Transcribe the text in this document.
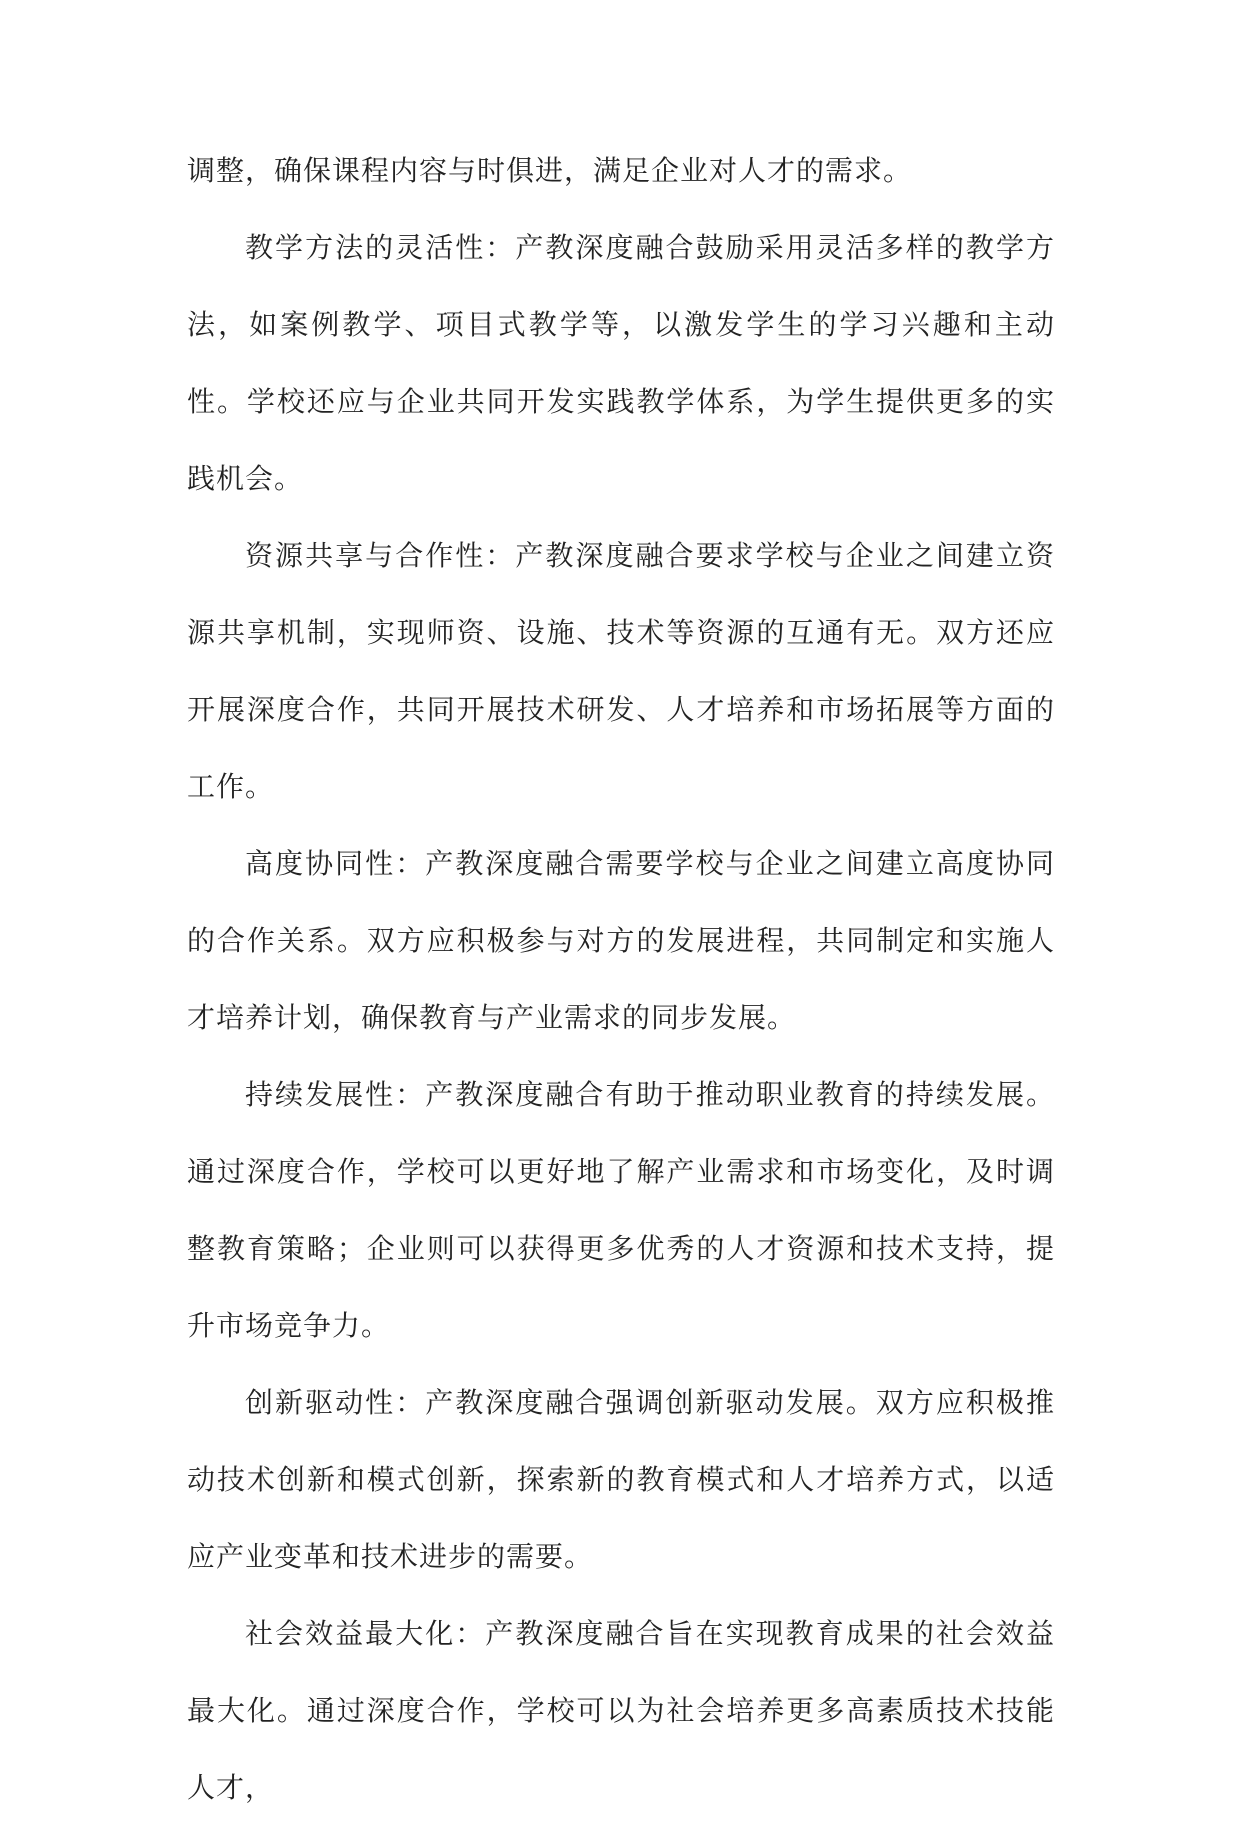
调整，确保课程内容与时俱进，满足企业对人才的需求。

教学方法的灵活性：产教深度融合鼓励采用灵活多样的教学方法，如案例教学、项目式教学等，以激发学生的学习兴趣和主动性。学校还应与企业共同开发实践教学体系，为学生提供更多的实践机会。

资源共享与合作性：产教深度融合要求学校与企业之间建立资源共享机制，实现师资、设施、技术等资源的互通有无。双方还应开展深度合作，共同开展技术研发、人才培养和市场拓展等方面的工作。

高度协同性：产教深度融合需要学校与企业之间建立高度协同的合作关系。双方应积极参与对方的发展进程，共同制定和实施人才培养计划，确保教育与产业需求的同步发展。

持续发展性：产教深度融合有助于推动职业教育的持续发展。通过深度合作，学校可以更好地了解产业需求和市场变化，及时调整教育策略；企业则可以获得更多优秀的人才资源和技术支持，提升市场竞争力。

创新驱动性：产教深度融合强调创新驱动发展。双方应积极推动技术创新和模式创新，探索新的教育模式和人才培养方式，以适应产业变革和技术进步的需要。

社会效益最大化：产教深度融合旨在实现教育成果的社会效益最大化。通过深度合作，学校可以为社会培养更多高素质技术技能人才，
